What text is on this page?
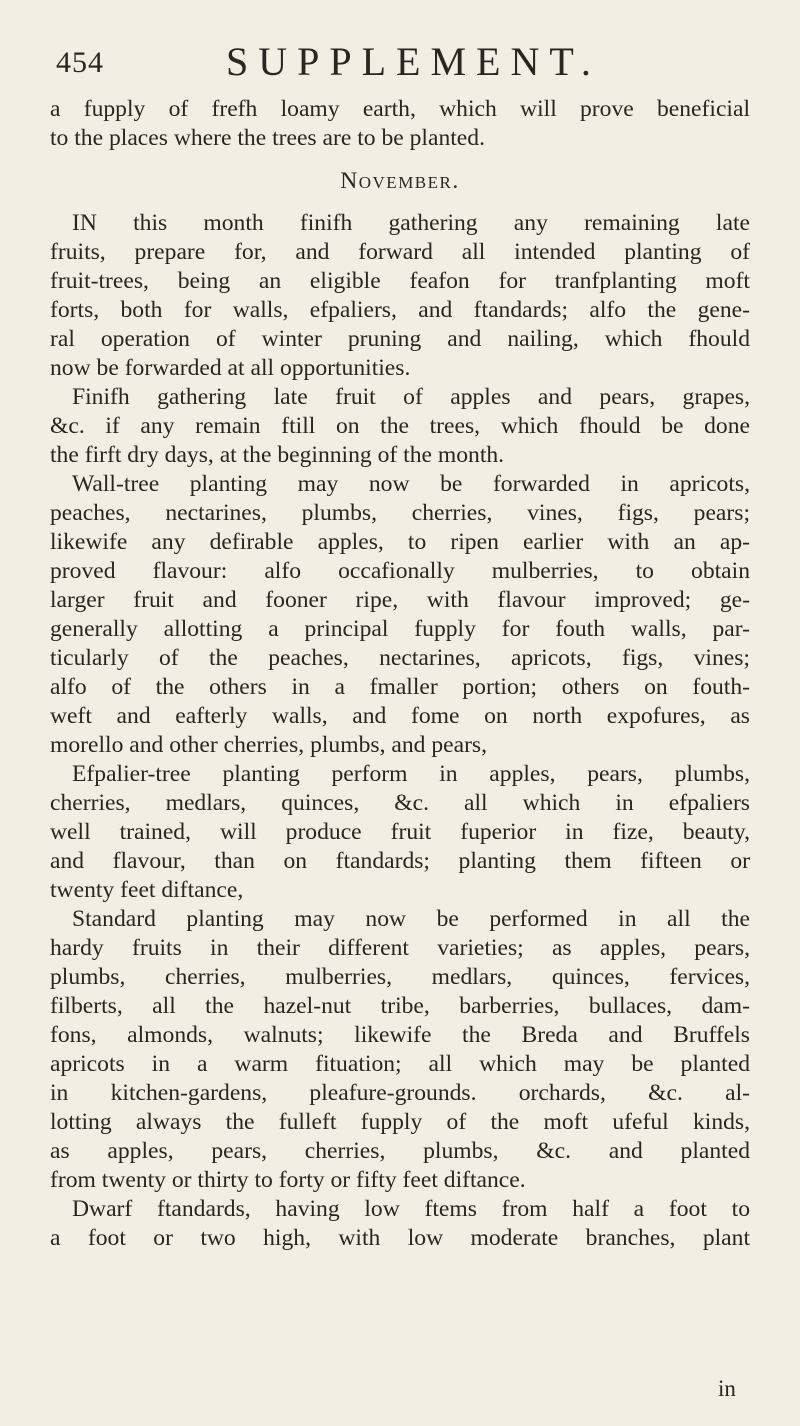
454	SUPPLEMENT.
a fupply of frefh loamy earth, which will prove beneficial
to the places where the trees are to be planted.
November.
IN this month finifh gathering any remaining late
fruits, prepare for, and forward all intended planting of
fruit-trees, being an eligible feafon for tranfplanting moft
forts, both for walls, efpaliers, and ftandards; alfo the gene-
ral operation of winter pruning and nailing, which fhould
now be forwarded at all opportunities.
Finifh gathering late fruit of apples and pears, grapes,
&c. if any remain ftill on the trees, which fhould be done
the firft dry days, at the beginning of the month.
Wall-tree planting may now be forwarded in apricots,
peaches, nectarines, plumbs, cherries, vines, figs, pears;
likewife any defirable apples, to ripen earlier with an ap-
proved flavour: alfo occafionally mulberries, to obtain
larger fruit and fooner ripe, with flavour improved; ge-
generally allotting a principal fupply for fouth walls, par-
ticularly of the peaches, nectarines, apricots, figs, vines;
alfo of the others in a fmaller portion; others on fouth-
weft and eafterly walls, and fome on north expofures, as
morello and other cherries, plumbs, and pears,
Efpalier-tree planting perform in apples, pears, plumbs,
cherries, medlars, quinces, &c. all which in efpaliers
well trained, will produce fruit fuperior in fize, beauty,
and flavour, than on ftandards; planting them fifteen or
twenty feet diftance,
Standard planting may now be performed in all the
hardy fruits in their different varieties; as apples, pears,
plumbs, cherries, mulberries, medlars, quinces, fervices,
filberts, all the hazel-nut tribe, barberries, bullaces, dam-
fons, almonds, walnuts; likewife the Breda and Bruffels
apricots in a warm fituation; all which may be planted
in kitchen-gardens, pleafure-grounds. orchards, &c. al-
lotting always the fulleft fupply of the moft ufeful kinds,
as apples, pears, cherries, plumbs, &c. and planted
from twenty or thirty to forty or fifty feet diftance.
Dwarf ftandards, having low ftems from half a foot to
a foot or two high, with low moderate branches, plant
in
